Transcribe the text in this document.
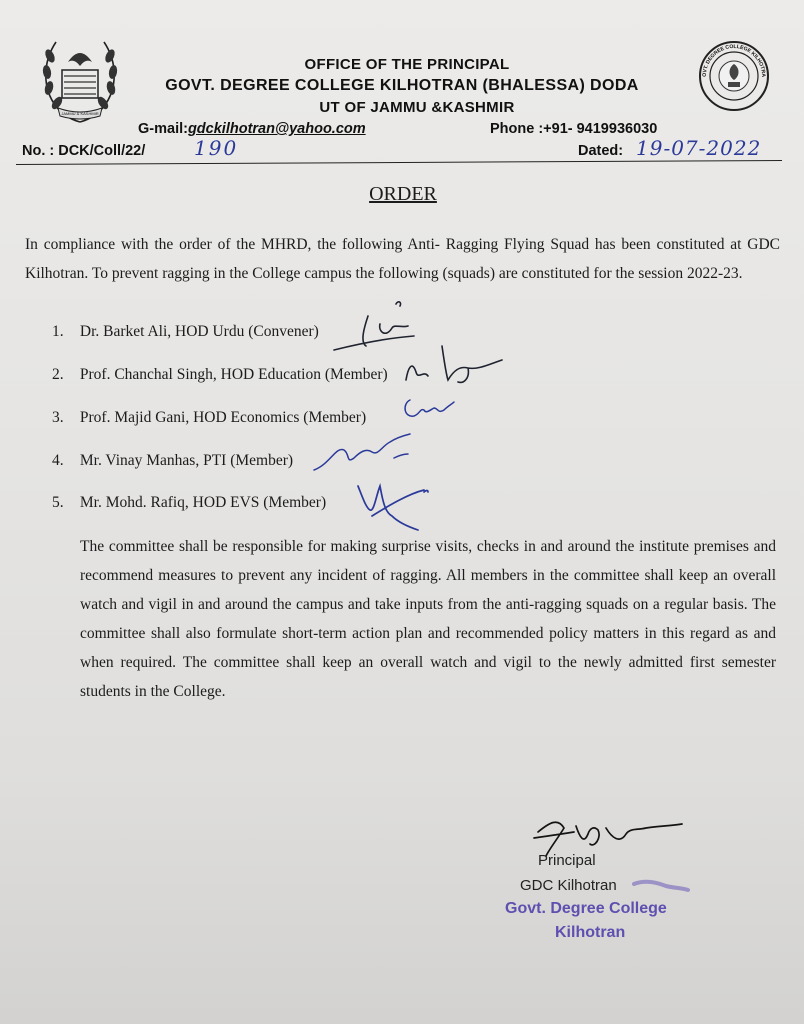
JAMMU & KASHMIR
GOVT. DEGREE COLLEGE KILHOTRAN
OFFICE OF THE PRINCIPAL
GOVT. DEGREE COLLEGE KILHOTRAN (BHALESSA) DODA
UT OF JAMMU &KASHMIR
G-mail:gdckilhotran@yahoo.com	Phone :+91- 9419936030
No. : DCK/Coll/22/ 190	Dated: 19-07-2022
ORDER
In compliance with the order of the MHRD, the following Anti- Ragging Flying Squad has been constituted at GDC Kilhotran. To prevent ragging in the College campus the following (squads) are constituted for the session 2022-23.
1. Dr. Barket Ali, HOD Urdu (Convener)
2. Prof. Chanchal Singh, HOD Education (Member)
3. Prof. Majid Gani, HOD Economics (Member)
4. Mr. Vinay Manhas, PTI (Member)
5. Mr. Mohd. Rafiq, HOD EVS (Member)
The committee shall be responsible for making surprise visits, checks in and around the institute premises and recommend measures to prevent any incident of ragging. All members in the committee shall keep an overall watch and vigil in and around the campus and take inputs from the anti-ragging squads on a regular basis. The committee shall also formulate short-term action plan and recommended policy matters in this regard as and when required. The committee shall keep an overall watch and vigil to the newly admitted first semester students in the College.
Principal
GDC Kilhotran
Govt. Degree College
Kilhotran
